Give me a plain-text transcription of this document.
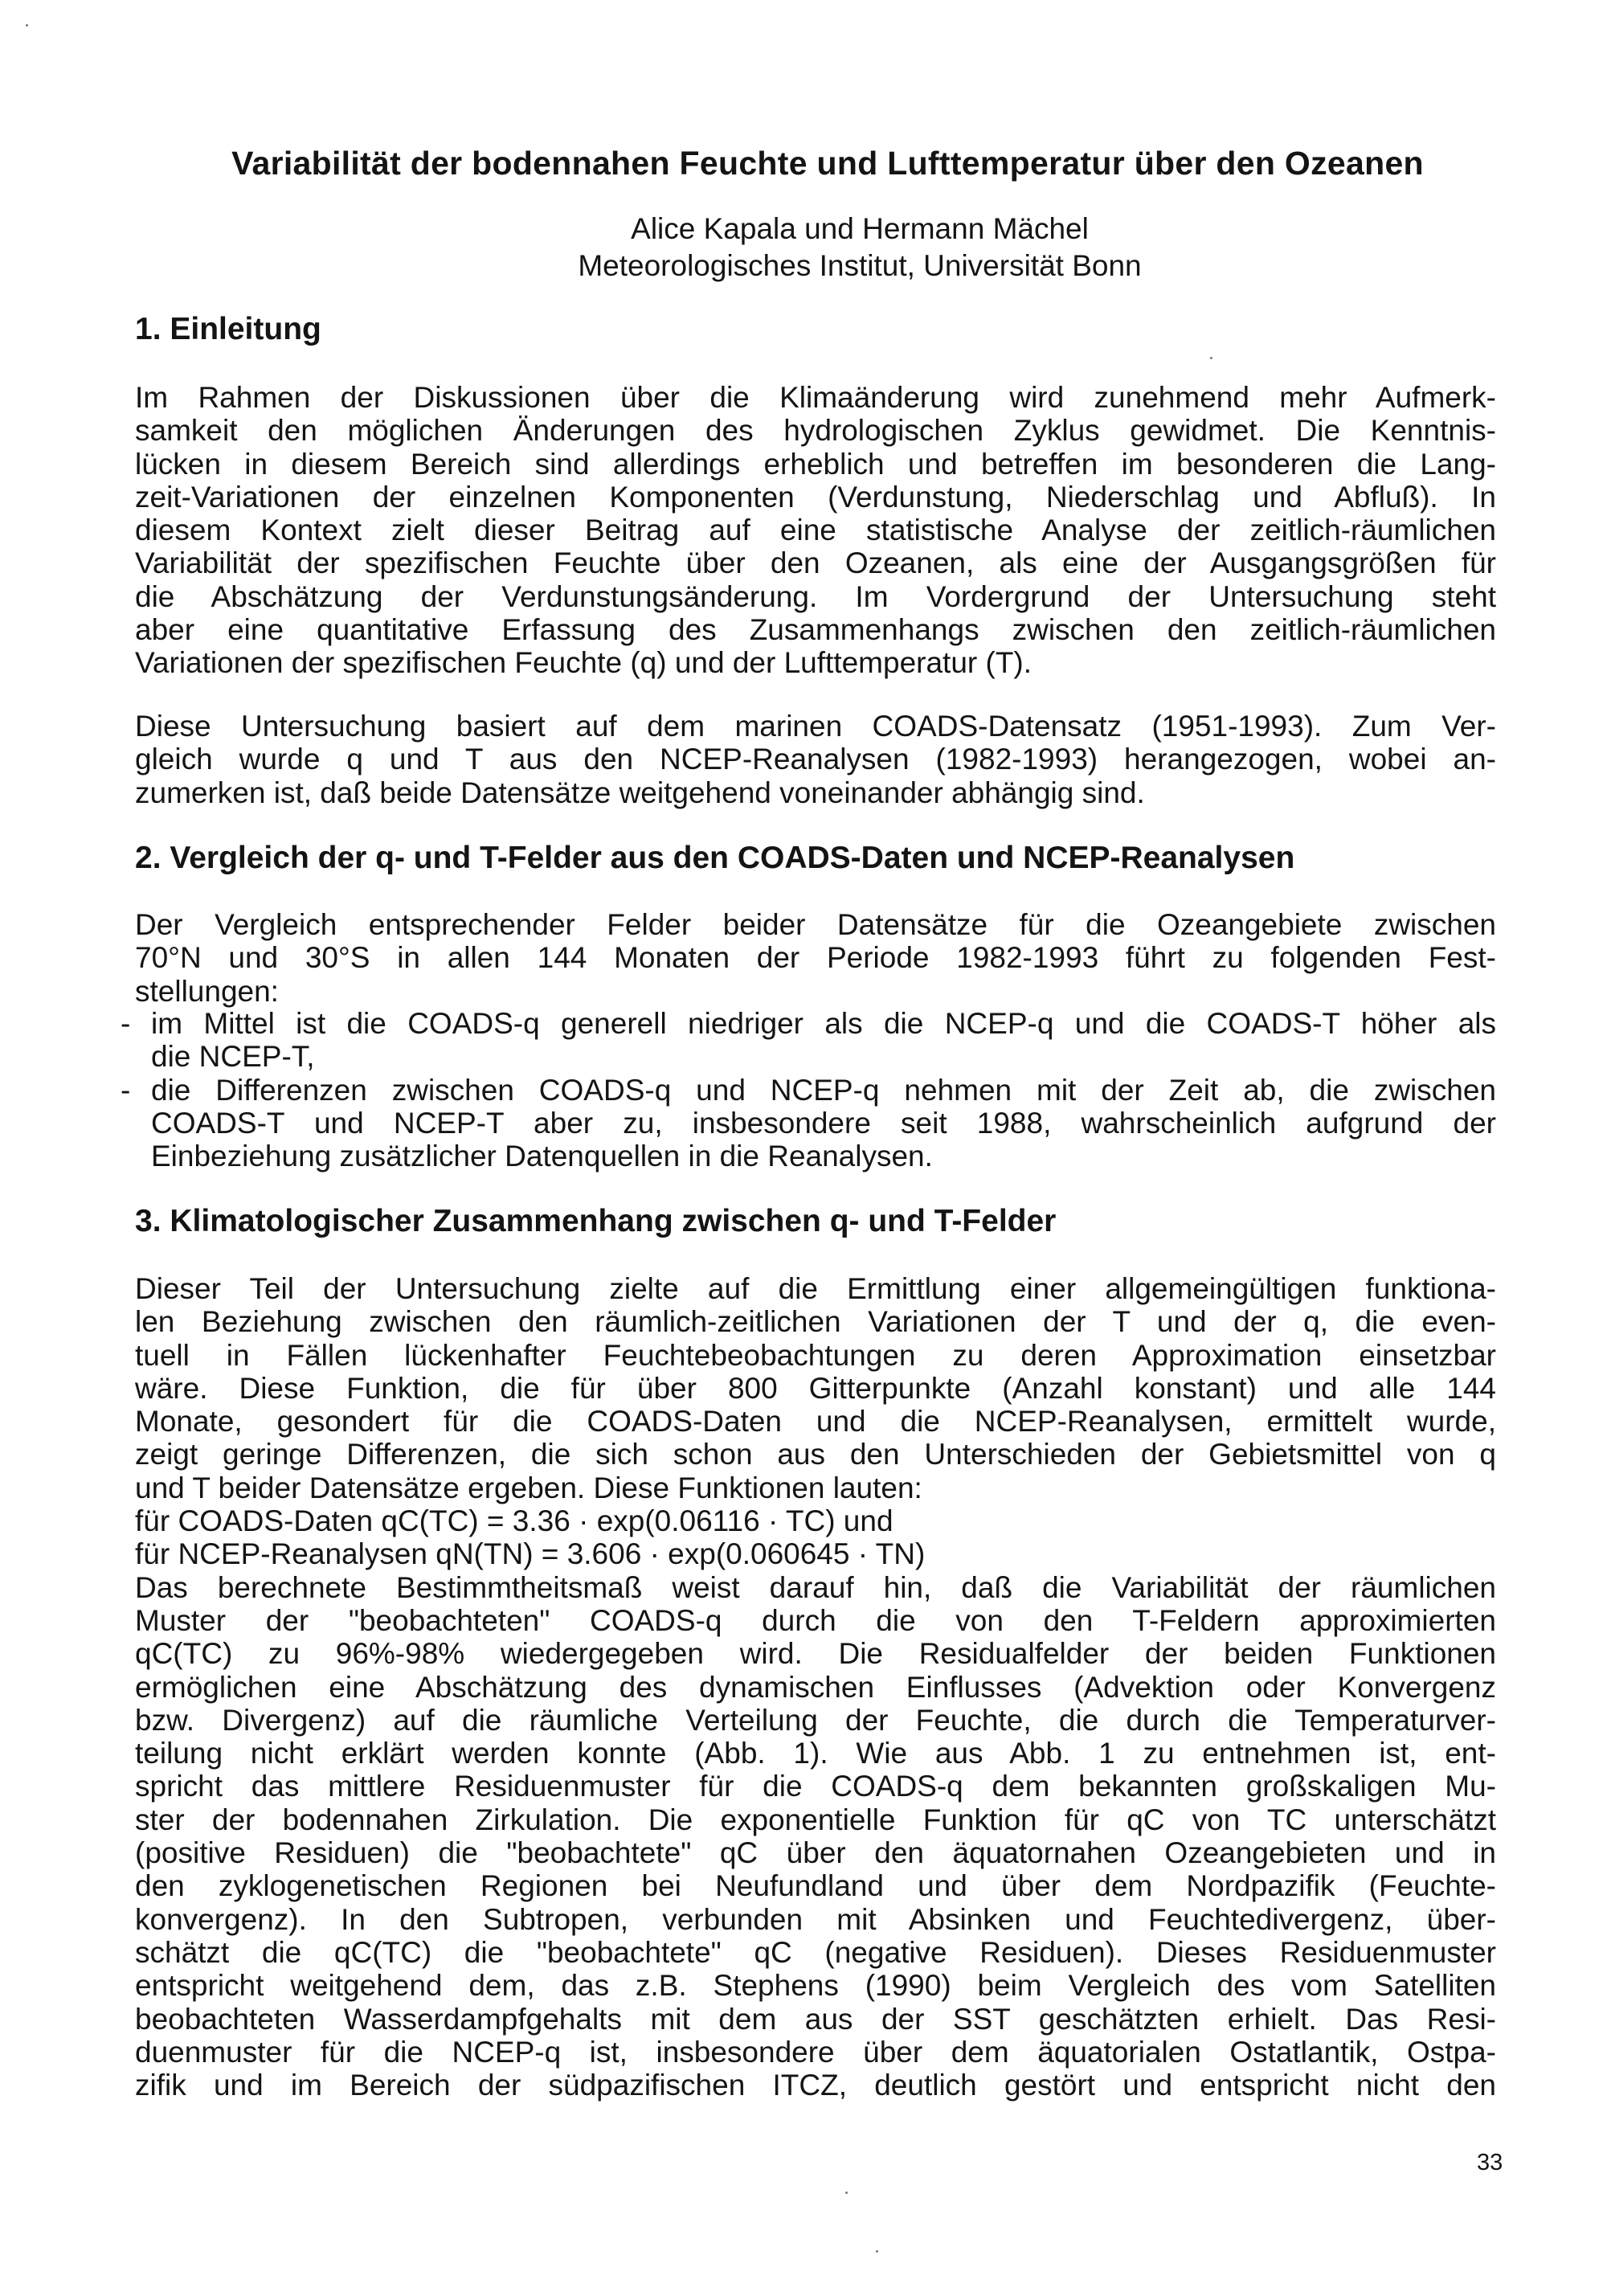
Variabilität der bodennahen Feuchte und Lufttemperatur über den Ozeanen
Alice Kapala und Hermann Mächel
Meteorologisches Institut, Universität Bonn
1. Einleitung
Im Rahmen der Diskussionen über die Klimaänderung wird zunehmend mehr Aufmerk-
samkeit den möglichen Änderungen des hydrologischen Zyklus gewidmet. Die Kenntnis-
lücken in diesem Bereich sind allerdings erheblich und betreffen im besonderen die Lang-
zeit-Variationen der einzelnen Komponenten (Verdunstung, Niederschlag und Abfluß). In
diesem Kontext zielt dieser Beitrag auf eine statistische Analyse der zeitlich-räumlichen
Variabilität der spezifischen Feuchte über den Ozeanen, als eine der Ausgangsgrößen für
die Abschätzung der Verdunstungsänderung. Im Vordergrund der Untersuchung steht
aber eine quantitative Erfassung des Zusammenhangs zwischen den zeitlich-räumlichen
Variationen der spezifischen Feuchte (q) und der Lufttemperatur (T).
Diese Untersuchung basiert auf dem marinen COADS-Datensatz (1951-1993). Zum Ver-
gleich wurde q und T aus den NCEP-Reanalysen (1982-1993) herangezogen, wobei an-
zumerken ist, daß beide Datensätze weitgehend voneinander abhängig sind.
2. Vergleich der q- und T-Felder aus den COADS-Daten und NCEP-Reanalysen
Der Vergleich entsprechender Felder beider Datensätze für die Ozeangebiete zwischen
70°N und 30°S in allen 144 Monaten der Periode 1982-1993 führt zu folgenden Fest-
stellungen:
- im Mittel ist die COADS-q generell niedriger als die NCEP-q und die COADS-T höher als
die NCEP-T,
- die Differenzen zwischen COADS-q und NCEP-q nehmen mit der Zeit ab, die zwischen
COADS-T und NCEP-T aber zu, insbesondere seit 1988, wahrscheinlich aufgrund der
Einbeziehung zusätzlicher Datenquellen in die Reanalysen.
3. Klimatologischer Zusammenhang zwischen q- und T-Felder
Dieser Teil der Untersuchung zielte auf die Ermittlung einer allgemeingültigen funktiona-
len Beziehung zwischen den räumlich-zeitlichen Variationen der T und der q, die even-
tuell in Fällen lückenhafter Feuchtebeobachtungen zu deren Approximation einsetzbar
wäre. Diese Funktion, die für über 800 Gitterpunkte (Anzahl konstant) und alle 144
Monate, gesondert für die COADS-Daten und die NCEP-Reanalysen, ermittelt wurde,
zeigt geringe Differenzen, die sich schon aus den Unterschieden der Gebietsmittel von q
und T beider Datensätze ergeben. Diese Funktionen lauten:
für COADS-Daten qC(TC) = 3.36 · exp(0.06116 · TC) und
für NCEP-Reanalysen qN(TN) = 3.606 · exp(0.060645 · TN)
Das berechnete Bestimmtheitsmaß weist darauf hin, daß die Variabilität der räumlichen
Muster der "beobachteten" COADS-q durch die von den T-Feldern approximierten
qC(TC) zu 96%-98% wiedergegeben wird. Die Residualfelder der beiden Funktionen
ermöglichen eine Abschätzung des dynamischen Einflusses (Advektion oder Konvergenz
bzw. Divergenz) auf die räumliche Verteilung der Feuchte, die durch die Temperaturver-
teilung nicht erklärt werden konnte (Abb. 1). Wie aus Abb. 1 zu entnehmen ist, ent-
spricht das mittlere Residuenmuster für die COADS-q dem bekannten großskaligen Mu-
ster der bodennahen Zirkulation. Die exponentielle Funktion für qC von TC unterschätzt
(positive Residuen) die "beobachtete" qC über den äquatornahen Ozeangebieten und in
den zyklogenetischen Regionen bei Neufundland und über dem Nordpazifik (Feuchte-
konvergenz). In den Subtropen, verbunden mit Absinken und Feuchtedivergenz, über-
schätzt die qC(TC) die "beobachtete" qC (negative Residuen). Dieses Residuenmuster
entspricht weitgehend dem, das z.B. Stephens (1990) beim Vergleich des vom Satelliten
beobachteten Wasserdampfgehalts mit dem aus der SST geschätzten erhielt. Das Resi-
duenmuster für die NCEP-q ist, insbesondere über dem äquatorialen Ostatlantik, Ostpa-
zifik und im Bereich der südpazifischen ITCZ, deutlich gestört und entspricht nicht den
33
